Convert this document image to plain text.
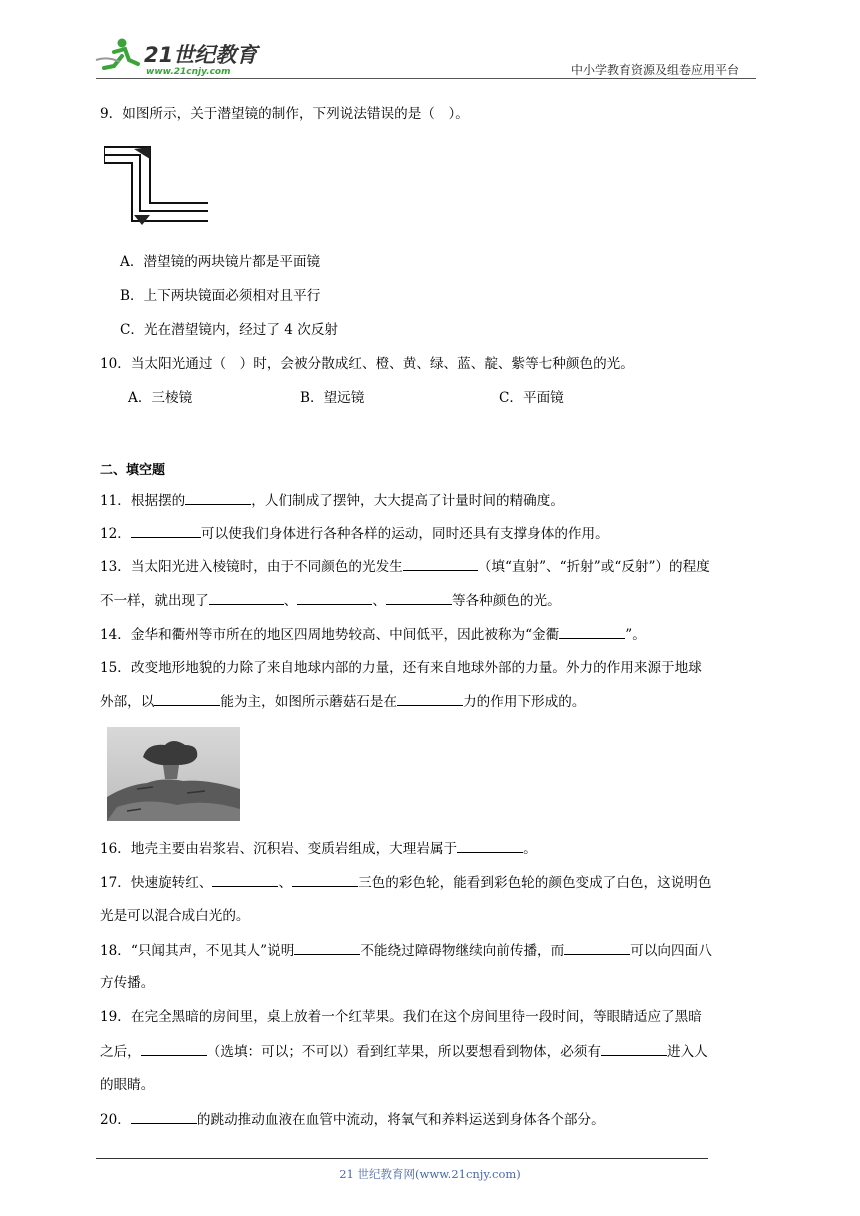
21世纪教育
www.21cnjy.com	中小学教育资源及组卷应用平台
9．如图所示，关于潜望镜的制作，下列说法错误的是（　）。
A．潜望镜的两块镜片都是平面镜
B．上下两块镜面必须相对且平行
C．光在潜望镜内，经过了 4 次反射
10．当太阳光通过（　）时，会被分散成红、橙、黄、绿、蓝、靛、紫等七种颜色的光。
A．三棱镜	B．望远镜	C．平面镜
二、填空题
11．根据摆的	，人们制成了摆钟，大大提高了计量时间的精确度。
12．	可以使我们身体进行各种各样的运动，同时还具有支撑身体的作用。
13．当太阳光进入棱镜时，由于不同颜色的光发生	（填“直射”、“折射”或“反射”）的程度
不一样，就出现了	、	、	等各种颜色的光。
14．金华和衢州等市所在的地区四周地势较高、中间低平，因此被称为“金衢	”。
15．改变地形地貌的力除了来自地球内部的力量，还有来自地球外部的力量。外力的作用来源于地球
外部，以	能为主，如图所示蘑菇石是在	力的作用下形成的。
16．地壳主要由岩浆岩、沉积岩、变质岩组成，大理岩属于	。
17．快速旋转红、	、	三色的彩色轮，能看到彩色轮的颜色变成了白色，这说明色
光是可以混合成白光的。
18．“只闻其声，不见其人”说明	不能绕过障碍物继续向前传播，而	可以向四面八
方传播。
19．在完全黑暗的房间里，桌上放着一个红苹果。我们在这个房间里待一段时间，等眼睛适应了黑暗
之后，	（选填：可以；不可以）看到红苹果，所以要想看到物体，必须有	进入人
的眼睛。
20．	的跳动推动血液在血管中流动，将氧气和养料运送到身体各个部分。
21 世纪教育网(www.21cnjy.com)
